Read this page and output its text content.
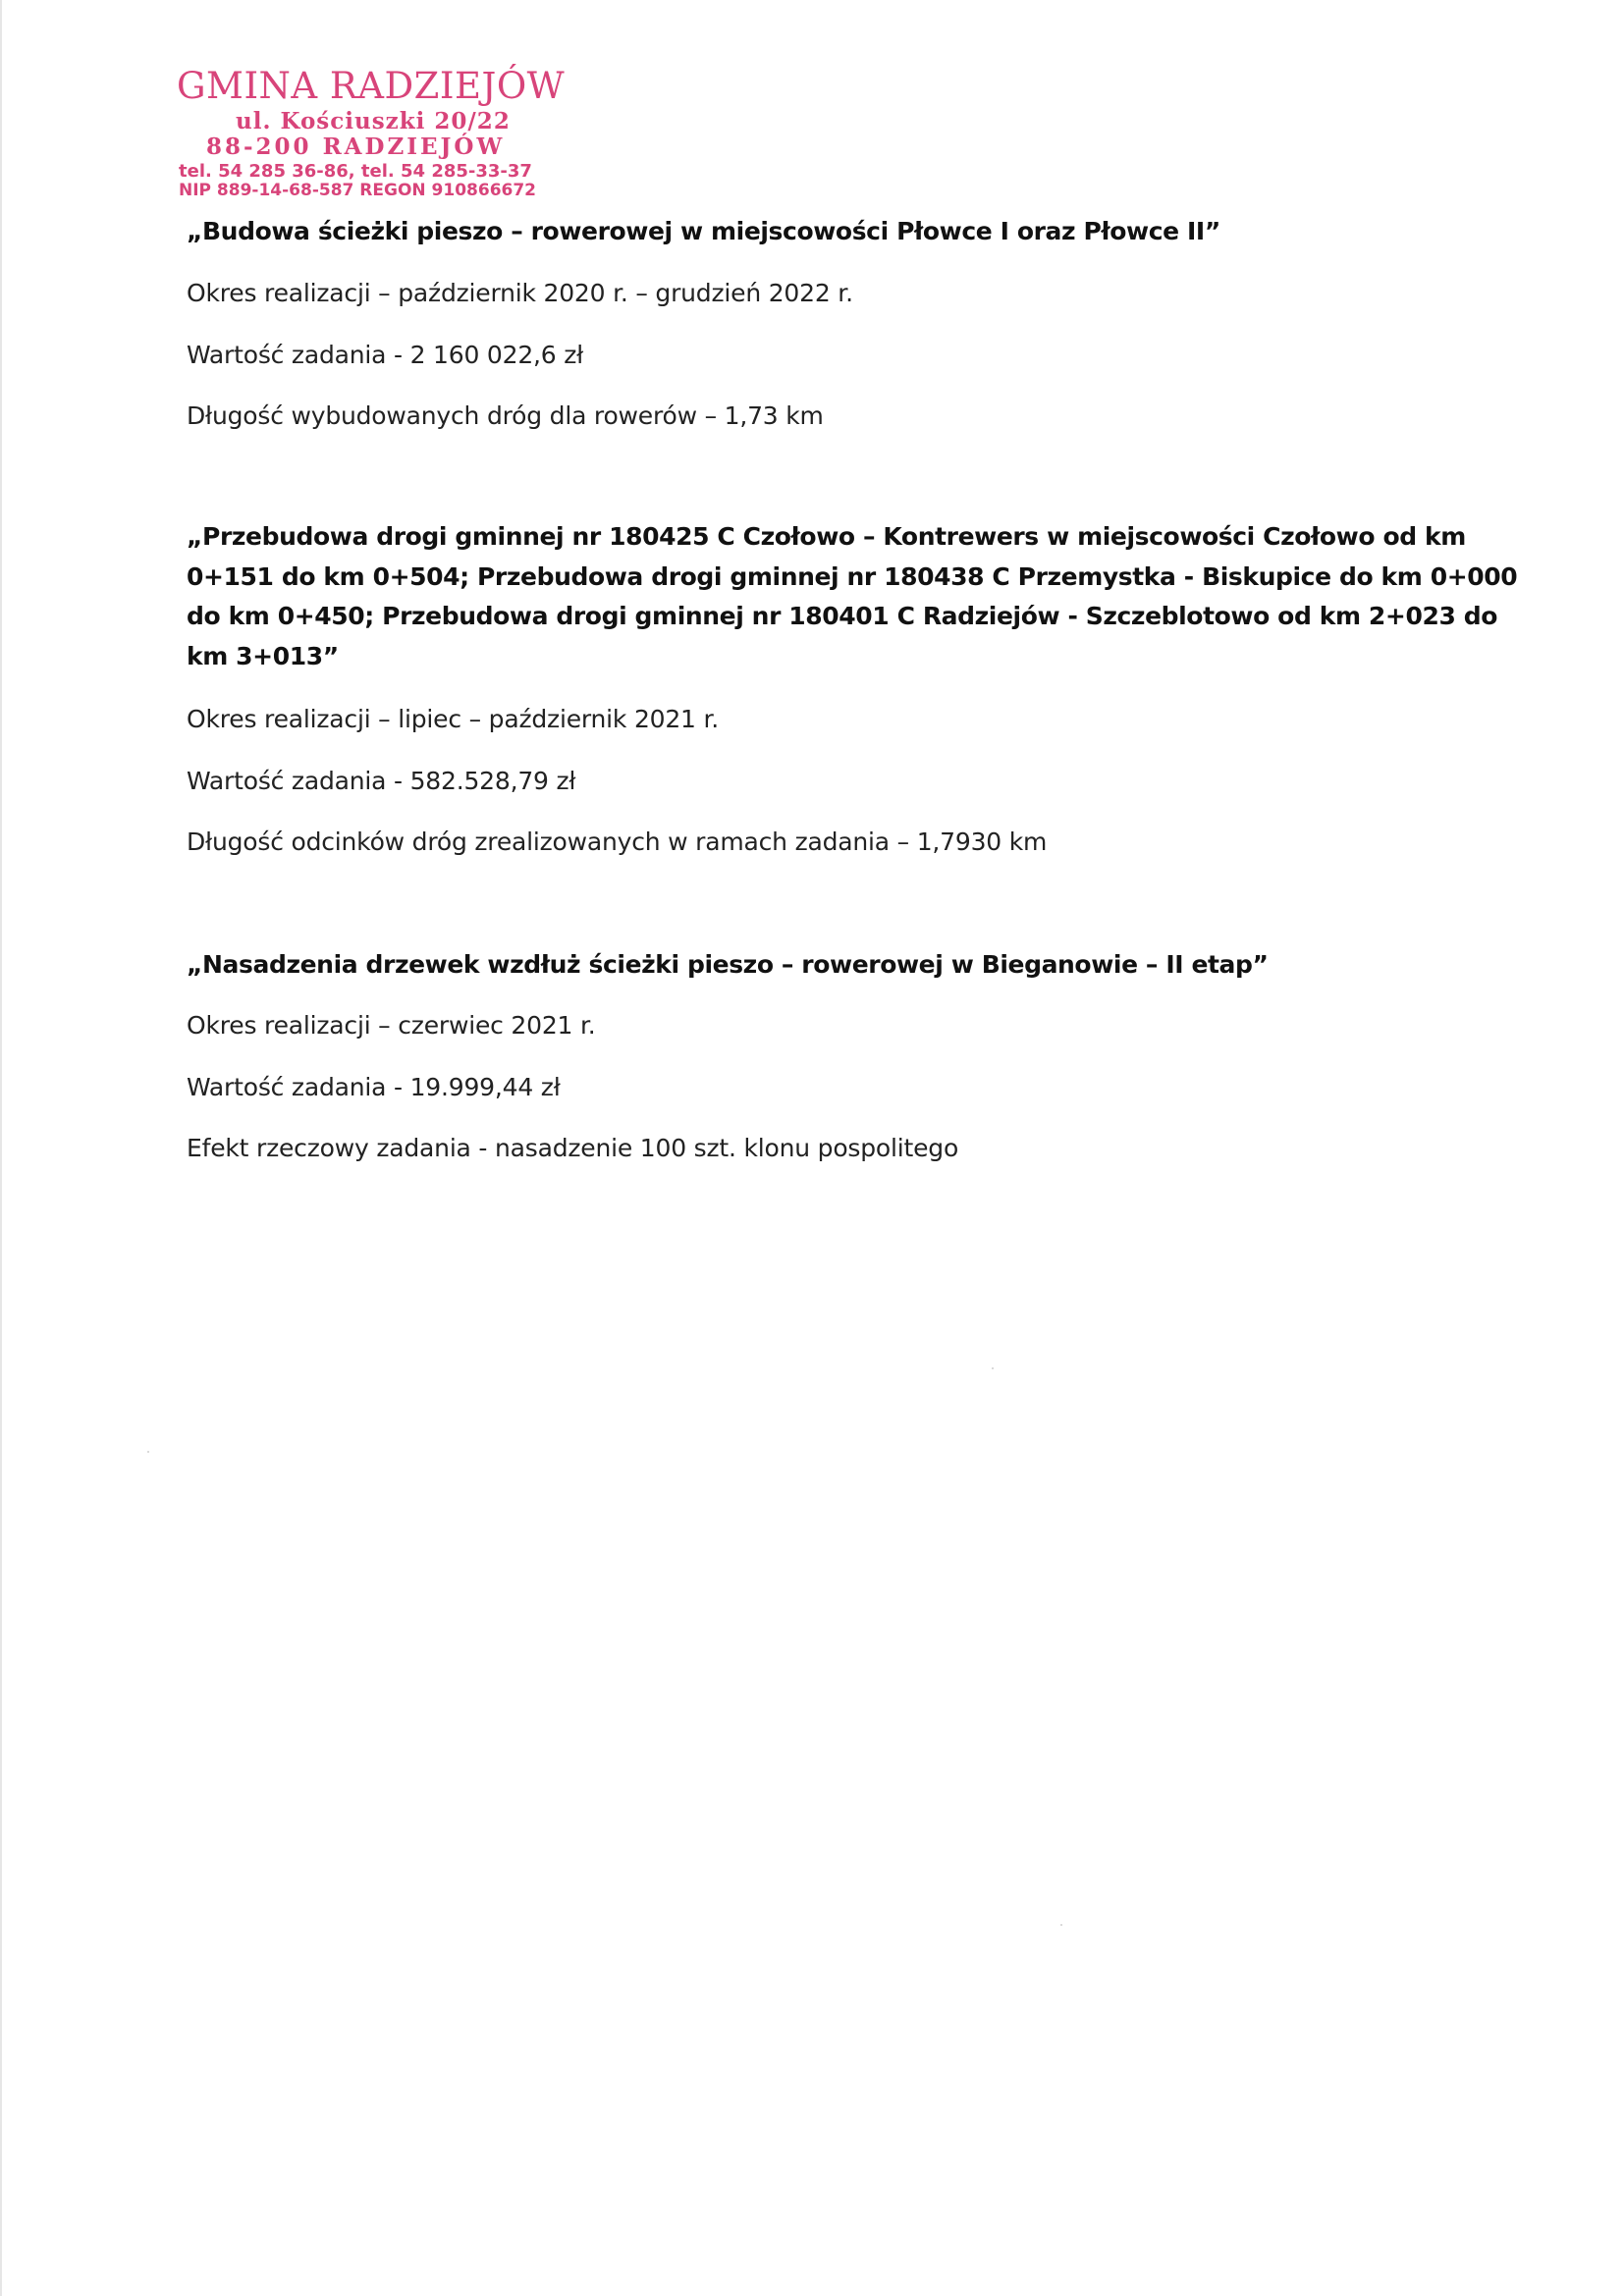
GMINA RADZIEJÓW
ul. Kościuszki 20/22
88-200 RADZIEJÓW
tel. 54 285 36-86, tel. 54 285-33-37
NIP 889-14-68-587 REGON 910866672
„Budowa ścieżki pieszo – rowerowej w miejscowości Płowce I oraz Płowce II”
Okres realizacji – październik 2020 r. – grudzień 2022 r.
Wartość zadania - 2 160 022,6 zł
Długość wybudowanych dróg dla rowerów – 1,73 km
„Przebudowa drogi gminnej nr 180425 C Czołowo – Kontrewers w miejscowości Czołowo od km
0+151 do km 0+504; Przebudowa drogi gminnej nr 180438 C Przemystka - Biskupice do km 0+000
do km 0+450; Przebudowa drogi gminnej nr 180401 C Radziejów - Szczeblotowo od km 2+023 do
km 3+013”
Okres realizacji – lipiec – październik 2021 r.
Wartość zadania - 582.528,79 zł
Długość odcinków dróg zrealizowanych w ramach zadania – 1,7930 km
„Nasadzenia drzewek wzdłuż ścieżki pieszo – rowerowej w Bieganowie – II etap”
Okres realizacji – czerwiec 2021 r.
Wartość zadania - 19.999,44 zł
Efekt rzeczowy zadania - nasadzenie 100 szt. klonu pospolitego
